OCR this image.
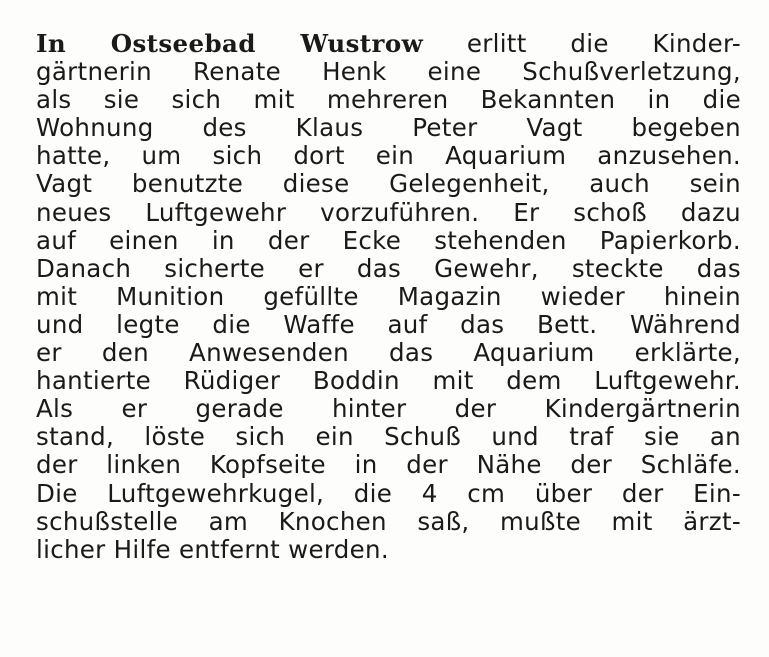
In Ostseebad Wustrow erlitt die Kinder-
gärtnerin Renate Henk eine Schußverletzung,
als sie sich mit mehreren Bekannten in die
Wohnung des Klaus Peter Vagt begeben
hatte, um sich dort ein Aquarium anzusehen.
Vagt benutzte diese Gelegenheit, auch sein
neues Luftgewehr vorzuführen. Er schoß dazu
auf einen in der Ecke stehenden Papierkorb.
Danach sicherte er das Gewehr, steckte das
mit Munition gefüllte Magazin wieder hinein
und legte die Waffe auf das Bett. Während
er den Anwesenden das Aquarium erklärte,
hantierte Rüdiger Boddin mit dem Luftgewehr.
Als er gerade hinter der Kindergärtnerin
stand, löste sich ein Schuß und traf sie an
der linken Kopfseite in der Nähe der Schläfe.
Die Luftgewehrkugel, die 4 cm über der Ein-
schußstelle am Knochen saß, mußte mit ärzt-
licher Hilfe entfernt werden.
